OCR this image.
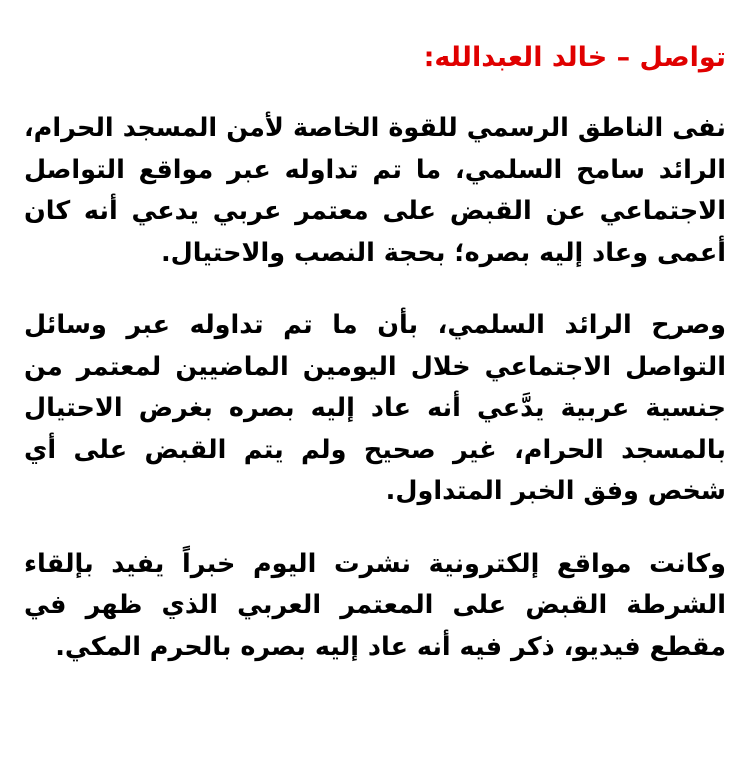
تواصل – خالد العبدالله:

نفى الناطق الرسمي للقوة الخاصة لأمن المسجد الحرام، الرائد سامح السلمي، ما تم تداوله عبر مواقع التواصل الاجتماعي عن القبض على معتمر عربي يدعي أنه كان أعمى وعاد إليه بصره؛ بحجة النصب والاحتيال.

وصرح الرائد السلمي، بأن ما تم تداوله عبر وسائل التواصل الاجتماعي خلال اليومين الماضيين لمعتمر من جنسية عربية يدَّعي أنه عاد إليه بصره بغرض الاحتيال بالمسجد الحرام، غير صحيح ولم يتم القبض على أي شخص وفق الخبر المتداول.

وكانت مواقع إلكترونية نشرت اليوم خبراً يفيد بإلقاء الشرطة القبض على المعتمر العربي الذي ظهر في مقطع فيديو، ذكر فيه أنه عاد إليه بصره بالحرم المكي.
